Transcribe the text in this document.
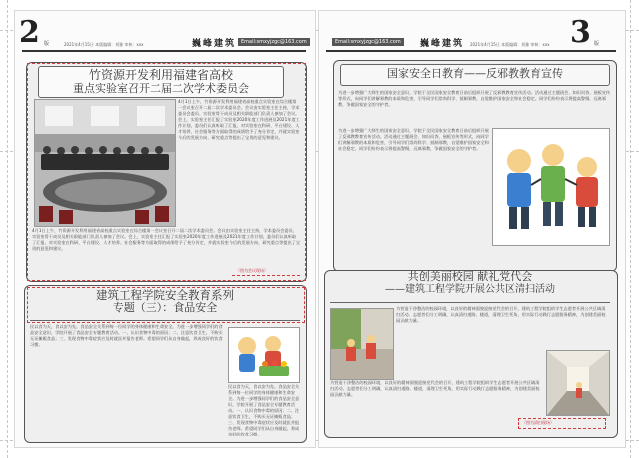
2 版	2021年4月15日 本版编辑：刘雅 审核：xxx	巍峰建筑 Email:smxyjzgc@163.com
竹资源开发利用福建省高校
重点实验室召开二届二次学术委员会
4月1日上午，竹资源开发利用福建省高校重点实验室在综合楼第一会议室召开二届二次学术委员会。会议由实验室主任主持，学术委员会委员、实验室骨干成员及相关职能部门负责人参加了会议。会上，实验室主任汇报了实验室2020年度工作进展及2021年度工作计划，委员们认真听取了汇报，对实验室在科研、平台建设、人才培养、社会服务等方面取得的成绩给予了充分肯定，并就实验室今后的发展方向、研究重点等提出了宝贵的意见和建议。
4月1日上午，竹资源开发利用福建省高校重点实验室在综合楼第一会议室召开二届二次学术委员会。会议由实验室主任主持，学术委员会委员、实验室骨干成员及相关职能部门负责人参加了会议。会上，实验室主任汇报了实验室2020年度工作进展及2021年度工作计划，委员们认真听取了汇报，对实验室在科研、平台建设、人才培养、社会服务等方面取得的成绩给予了充分肯定，并就实验室今后的发展方向、研究重点等提出了宝贵的意见和建议。
（图为会议现场）
建筑工程学院安全教育系列
专题（三）：食品安全
民以食为天，食以安为先。食品安全关系到每一位同学的身体健康和生命安全。为进一步增强同学们的食品安全意识，学院开展了食品安全专题教育活动。一、认识食物中毒的原因；二、注意饮食卫生，不购买无证摊贩食品；三、发现食物中毒症状应及时就医并报告老师。希望同学们从自身做起，养成良好的饮食习惯。
民以食为天，食以安为先。食品安全关系到每一位同学的身体健康和生命安全。为进一步增强同学们的食品安全意识，学院开展了食品安全专题教育活动。一、认识食物中毒的原因；二、注意饮食卫生，不购买无证摊贩食品；三、发现食物中毒症状应及时就医并报告老师。希望同学们从自身做起，养成良好的饮食习惯。
Email:smxyjzgc@163.com	巍峰建筑 2021年4月15日 本版编辑：刘雅 审核：xxx 3 版
国家安全日教育——反邪教教育宣传
为进一步增强广大师生的国家安全意识，学院于全民国家安全教育日前后组织开展了反邪教教育宣传活动。活动通过主题班会、知识问答、展板宣传等形式，向同学们讲解邪教的本质和危害，引导同学们崇尚科学、抵制邪教，自觉维护国家安全和社会稳定。同学们纷纷表示将提高警惕，远离邪教，争做国家安全的守护者。
为进一步增强广大师生的国家安全意识，学院于全民国家安全教育日前后组织开展了反邪教教育宣传活动。活动通过主题班会、知识问答、展板宣传等形式，向同学们讲解邪教的本质和危害，引导同学们崇尚科学、抵制邪教，自觉维护国家安全和社会稳定。同学们纷纷表示将提高警惕，远离邪教，争做国家安全的守护者。
共创美丽校园 献礼党代会
——建筑工程学院开展公共区清扫活动
为营造干净整洁的校园环境，以良好的精神面貌迎接党代会的召开，建筑工程学院组织学生志愿者开展公共区域清扫活动。志愿者们分工明确，认真清扫道路、楼道，清理卫生死角，用实际行动践行志愿服务精神，为创建美丽校园贡献力量。
为营造干净整洁的校园环境，以良好的精神面貌迎接党代会的召开，建筑工程学院组织学生志愿者开展公共区域清扫活动。志愿者们分工明确，认真清扫道路、楼道，清理卫生死角，用实际行动践行志愿服务精神，为创建美丽校园贡献力量。
（图为清扫现场）
